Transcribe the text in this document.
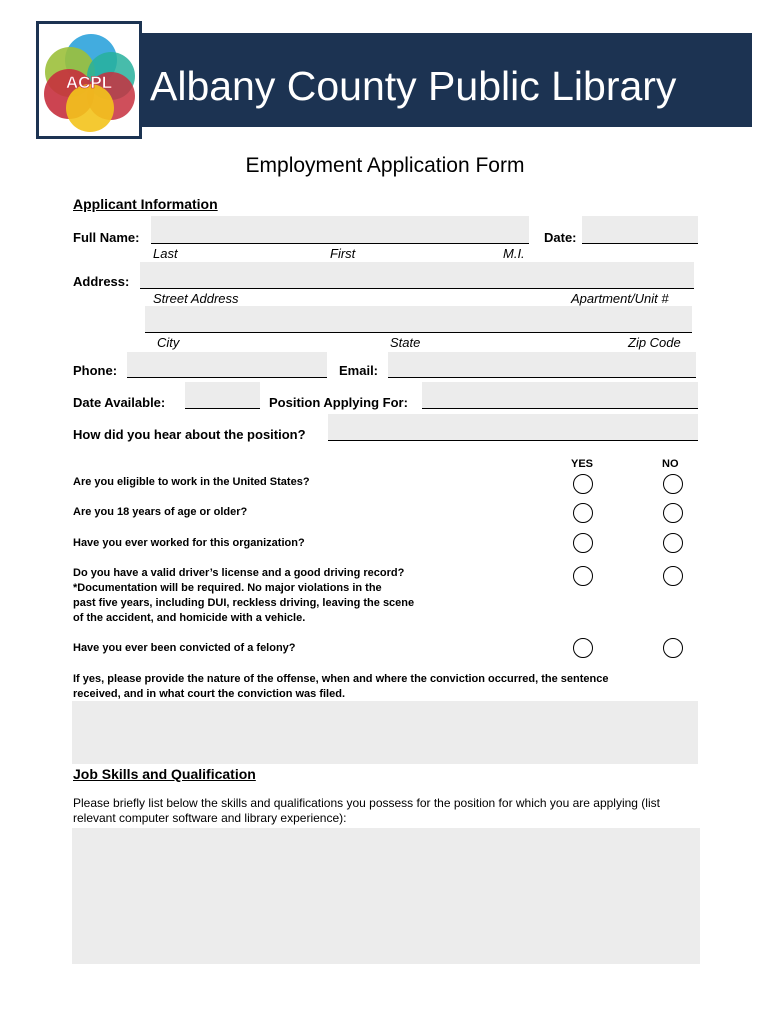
Albany County Public Library
ACPL
Employment Application Form
Applicant Information
Full Name:
Last	First	M.I.
Date:
Address:
Street Address	Apartment/Unit #
City	State	Zip Code
Phone:	Email:
Date Available:	Position Applying For:
How did you hear about the position?
YES	NO
Are you eligible to work in the United States?
Are you 18 years of age or older?
Have you ever worked for this organization?
Do you have a valid driver’s license and a good driving record?
*Documentation will be required. No major violations in the
past five years, including DUI, reckless driving, leaving the scene
of the accident, and homicide with a vehicle.
Have you ever been convicted of a felony?
If yes, please provide the nature of the offense, when and where the conviction occurred, the sentence
received, and in what court the conviction was filed.
Job Skills and Qualification
Please briefly list below the skills and qualifications you possess for the position for which you are applying (list
relevant computer software and library experience):
